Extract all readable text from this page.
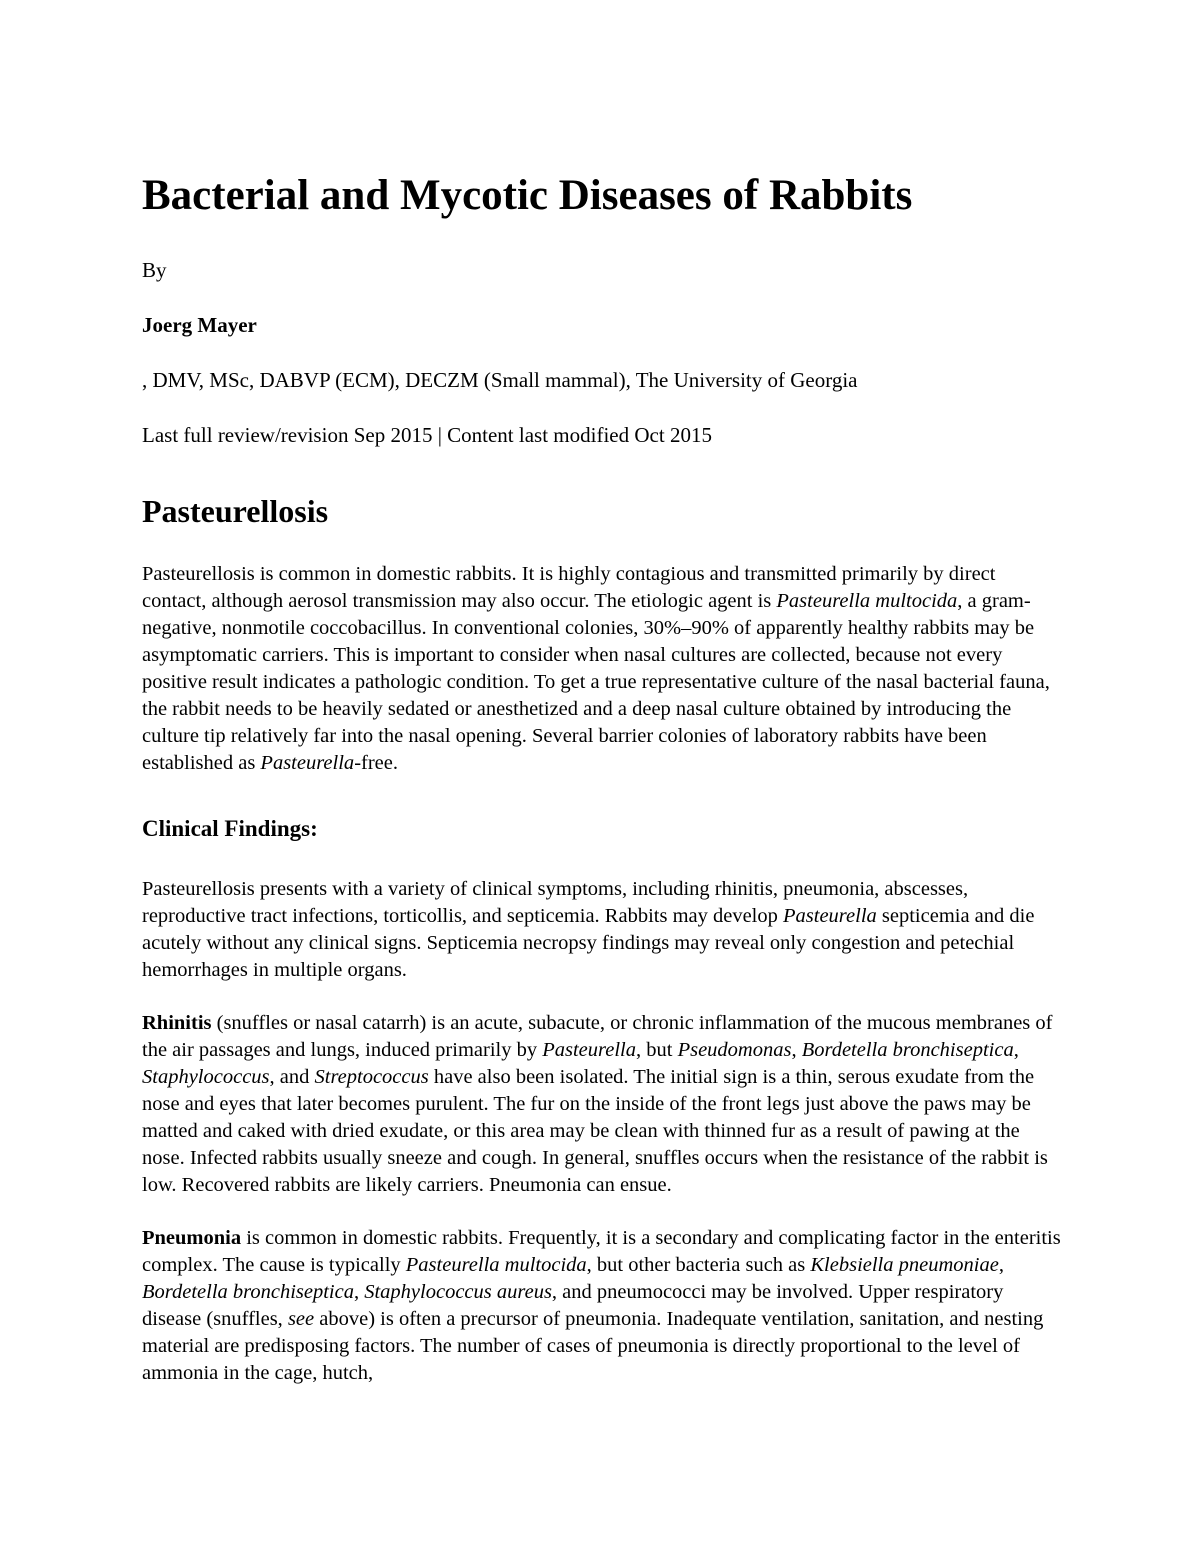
Bacterial and Mycotic Diseases of Rabbits

By

Joerg Mayer

, DMV, MSc, DABVP (ECM), DECZM (Small mammal), The University of Georgia

Last full review/revision Sep 2015 | Content last modified Oct 2015

Pasteurellosis

Pasteurellosis is common in domestic rabbits. It is highly contagious and transmitted primarily by direct contact, although aerosol transmission may also occur. The etiologic agent is Pasteurella multocida, a gram-negative, nonmotile coccobacillus. In conventional colonies, 30%–90% of apparently healthy rabbits may be asymptomatic carriers. This is important to consider when nasal cultures are collected, because not every positive result indicates a pathologic condition. To get a true representative culture of the nasal bacterial fauna, the rabbit needs to be heavily sedated or anesthetized and a deep nasal culture obtained by introducing the culture tip relatively far into the nasal opening. Several barrier colonies of laboratory rabbits have been established as Pasteurella-free.

Clinical Findings:

Pasteurellosis presents with a variety of clinical symptoms, including rhinitis, pneumonia, abscesses, reproductive tract infections, torticollis, and septicemia. Rabbits may develop Pasteurella septicemia and die acutely without any clinical signs. Septicemia necropsy findings may reveal only congestion and petechial hemorrhages in multiple organs.

Rhinitis (snuffles or nasal catarrh) is an acute, subacute, or chronic inflammation of the mucous membranes of the air passages and lungs, induced primarily by Pasteurella, but Pseudomonas, Bordetella bronchiseptica, Staphylococcus, and Streptococcus have also been isolated. The initial sign is a thin, serous exudate from the nose and eyes that later becomes purulent. The fur on the inside of the front legs just above the paws may be matted and caked with dried exudate, or this area may be clean with thinned fur as a result of pawing at the nose. Infected rabbits usually sneeze and cough. In general, snuffles occurs when the resistance of the rabbit is low. Recovered rabbits are likely carriers. Pneumonia can ensue.

Pneumonia is common in domestic rabbits. Frequently, it is a secondary and complicating factor in the enteritis complex. The cause is typically Pasteurella multocida, but other bacteria such as Klebsiella pneumoniae, Bordetella bronchiseptica, Staphylococcus aureus, and pneumococci may be involved. Upper respiratory disease (snuffles, see above) is often a precursor of pneumonia. Inadequate ventilation, sanitation, and nesting material are predisposing factors. The number of cases of pneumonia is directly proportional to the level of ammonia in the cage, hutch,
